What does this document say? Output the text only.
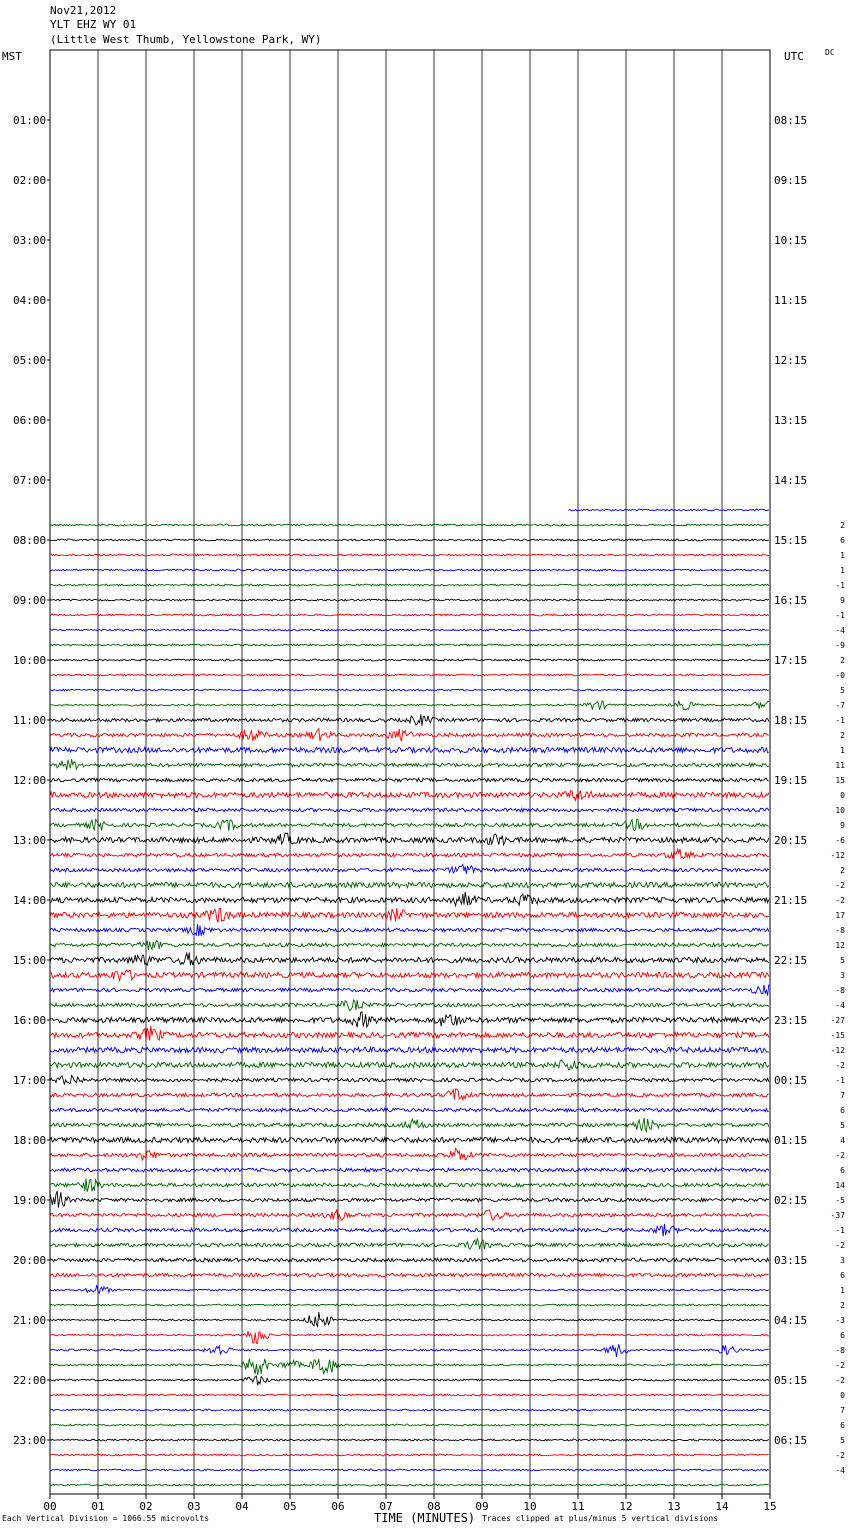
Nov21,2012
YLT EHZ WY 01
(Little West Thumb, Yellowstone Park, WY)
MST	UTC	DC
00	01	02	03	04	05	06	07	08	09	10	11	12	13	14	15
01:00	08:15
02:00	09:15
03:00	10:15
04:00	11:15
05:00	12:15
06:00	13:15
07:00	14:15
08:00	15:15
09:00	16:15
10:00	17:15
11:00	18:15
12:00	19:15
13:00	20:15
14:00	21:15
15:00	22:15
16:00	23:15
17:00	00:15
18:00	01:15
19:00	02:15
20:00	03:15
21:00	04:15
22:00	05:15
23:00	06:15
2
6
1
1
-1
9
-1
-4
-9
2
-0
5
-7
-1
2
1
11
15
0
10
9
-6
-12
2
-2
-2
17
-8
12
5
3
-8
-4
-27
-15
-12
-2
-1
7
6
5
4
-2
6
14
-5
-37
-1
-2
3
6
1
2
-3
6
-8
-2
-2
0
7
6
5
-2
-4
Each Vertical Division = 1066.55 microvolts	TIME (MINUTES) Traces clipped at plus/minus 5 vertical divisions
